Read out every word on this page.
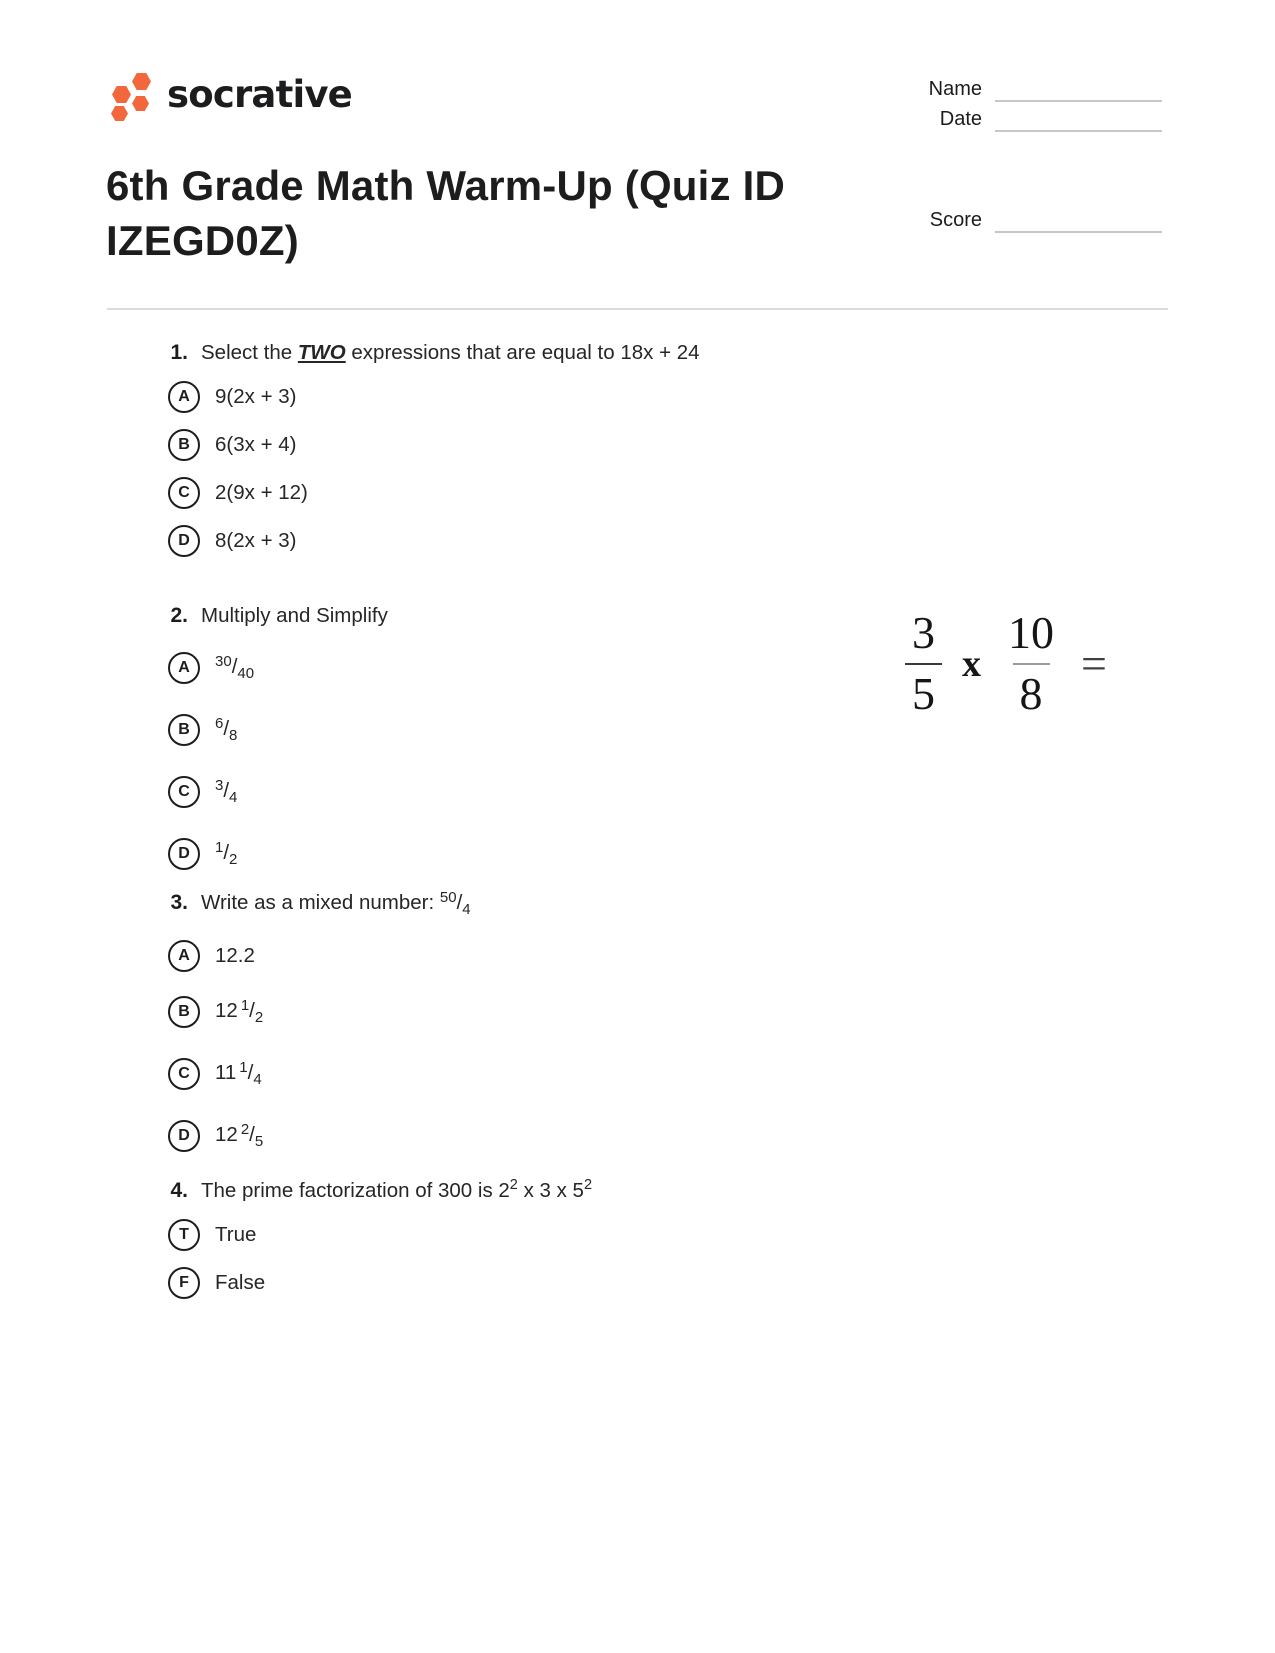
socrative	Name
Date
Score
6th Grade Math Warm-Up (Quiz ID IZEGD0Z)
1. Select the TWO expressions that are equal to 18x + 24
A	9(2x + 3)
B	6(3x + 4)
C	2(9x + 12)
D	8(2x + 3)
2. Multiply and Simplify
A	$^{30}/_{40}$
B	$^6/_8$
C	$^3/_4$
D	$^1/_2$
$\frac{3}{5}$ x $\frac{10}{8}$ =
3. Write as a mixed number: $^{50}/_4$
A	12.2
B	12 $^1/_2$
C	11 $^1/_4$
D	12 $^2/_5$
4. The prime factorization of 300 is $2^2$ x 3 x $5^2$
T	True
F	False
